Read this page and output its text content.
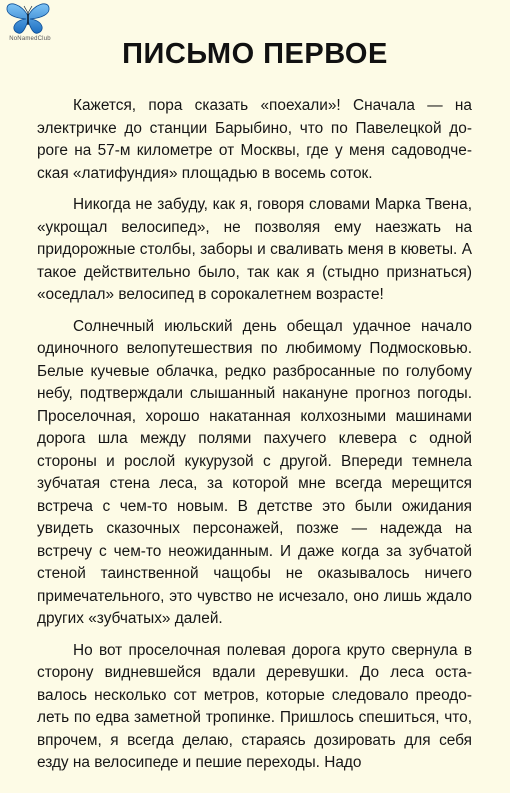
NoNamedClub	ПИСЬМО ПЕРВОЕ

Кажется, пора сказать «поехали»! Сначала — на электричке до станции Барыбино, что по Павелецкой дороге на 57-м километре от Москвы, где у меня садоводческая «латифундия» площадью в восемь соток.

Никогда не забуду, как я, говоря словами Марка Твена, «укрощал велосипед», не позволяя ему наезжать на придорожные столбы, заборы и сваливать меня в кюветы. А такое действительно было, так как я (стыдно признаться) «оседлал» велосипед в сорокалетнем возрасте!

Солнечный июльский день обещал удачное начало одиночного велопутешествия по любимому Подмосковью. Белые кучевые облачка, редко разбросанные по голубому небу, подтверждали слышанный накануне прогноз погоды. Проселочная, хорошо накатанная колхозными машинами дорога шла между полями пахучего клевера с одной стороны и рослой кукурузой с другой. Впереди темнела зубчатая стена леса, за которой мне всегда мерещится встреча с чем-то новым. В детстве это были ожидания увидеть сказочных персонажей, позже — надежда на встречу с чем-то неожиданным. И даже когда за зубчатой стеной таинственной чащобы не оказывалось ничего примечательного, это чувство не исчезало, оно лишь ждало других «зубчатых» далей.

Но вот проселочная полевая дорога круто свернула в сторону видневшейся вдали деревушки. До леса оставалось несколько сот метров, которые следовало преодолеть по едва заметной тропинке. Пришлось спешиться, что, впрочем, я всегда делаю, стараясь дозировать для себя езду на велосипеде и пешие переходы. Надо
